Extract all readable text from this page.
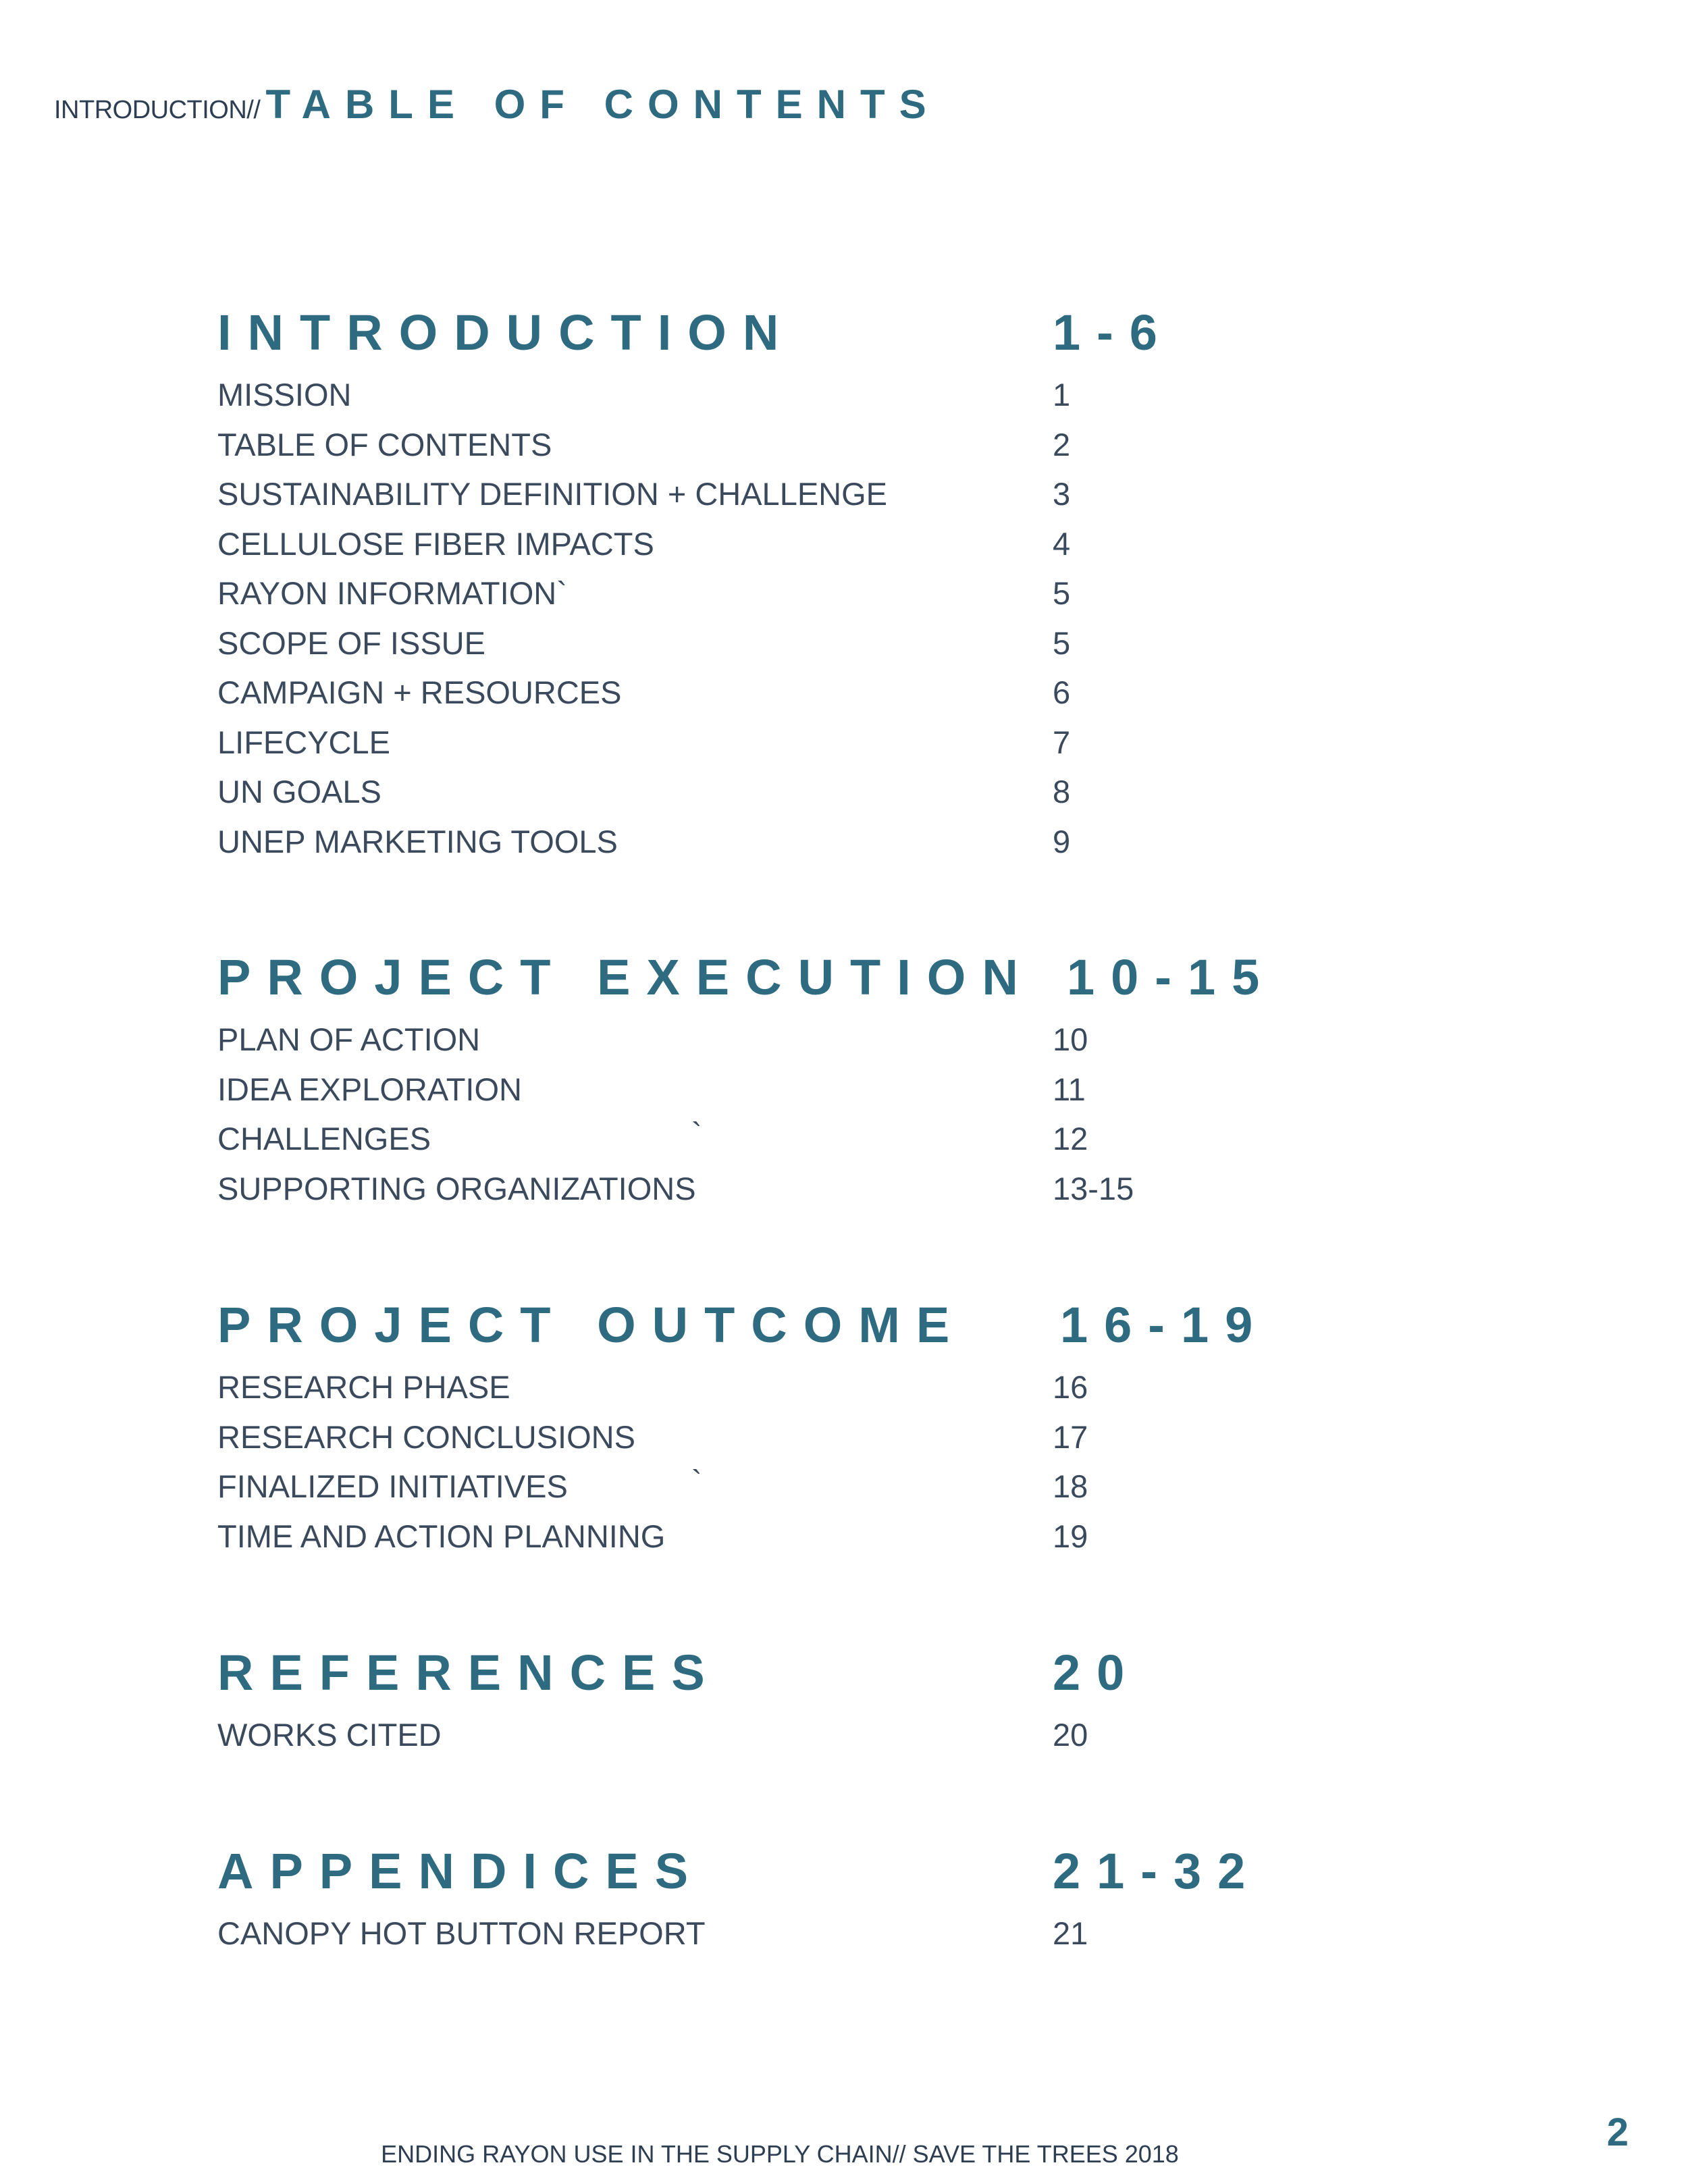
INTRODUCTION// TABLE OF CONTENTS
INTRODUCTION	1-6
MISSION	1
TABLE OF CONTENTS	2
SUSTAINABILITY DEFINITION + CHALLENGE	3
CELLULOSE FIBER IMPACTS	4
RAYON INFORMATION`	5
SCOPE OF ISSUE	5
CAMPAIGN + RESOURCES	6
LIFECYCLE	7
UN GOALS	8
UNEP MARKETING TOOLS	9
PROJECT EXECUTION 10-15
PLAN OF ACTION	10
IDEA EXPLORATION	11
CHALLENGES	`	12
SUPPORTING ORGANIZATIONS	13-15
PROJECT OUTCOME 16-19
RESEARCH PHASE	16
RESEARCH CONCLUSIONS	17
FINALIZED INITIATIVES	`	18
TIME AND ACTION PLANNING	19
REFERENCES	20
WORKS CITED	20
APPENDICES	21-32
CANOPY HOT BUTTON REPORT	21
ENDING RAYON USE IN THE SUPPLY CHAIN// SAVE THE TREES 2018	2
